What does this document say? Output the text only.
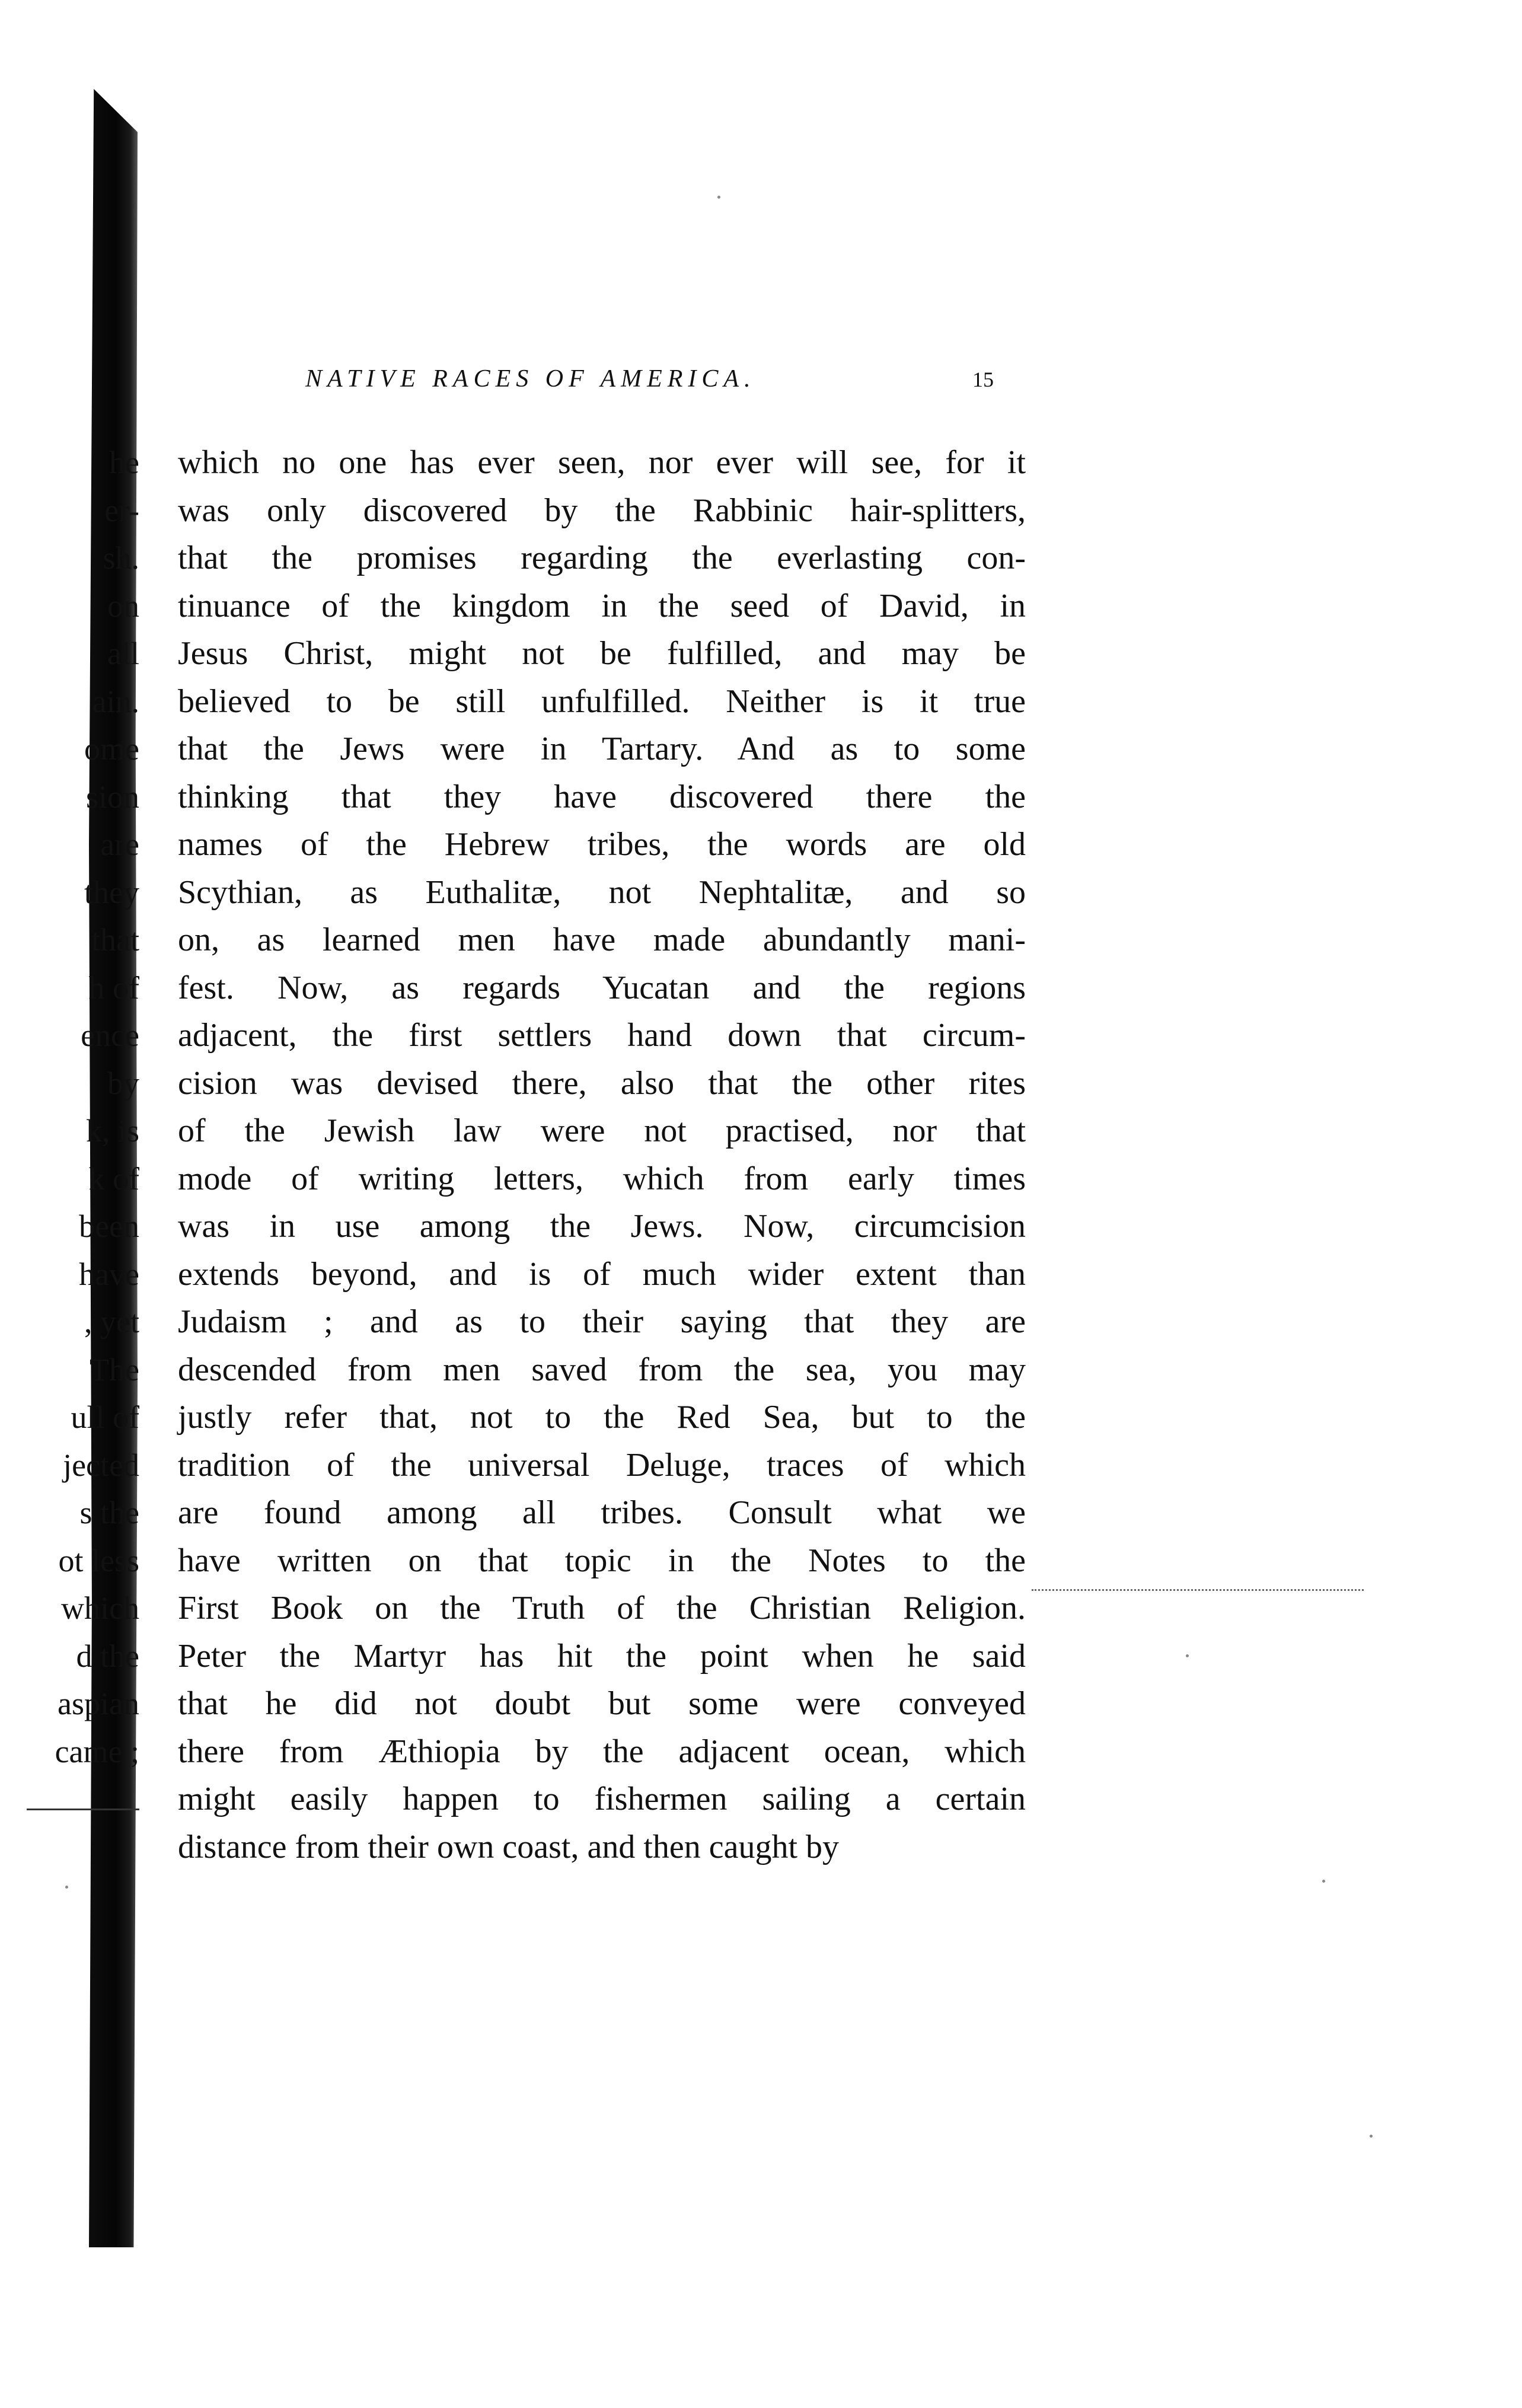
NATIVE RACES OF AMERICA.	15
he
er-
sh.
on
all
ain.
ome
sion
are
they
that
h of
ence
by
k, is
k of
been
have
, yet
The
ull of
jected
s the
ot less
which
d the
aspian
came ;
which no one has ever seen, nor ever will see, for it
was only discovered by the Rabbinic hair-splitters,
that the promises regarding the everlasting con-
tinuance of the kingdom in the seed of David, in
Jesus Christ, might not be fulfilled, and may be
believed to be still unfulfilled. Neither is it true
that the Jews were in Tartary. And as to some
thinking that they have discovered there the
names of the Hebrew tribes, the words are old
Scythian, as Euthalitæ, not Nephtalitæ, and so
on, as learned men have made abundantly mani-
fest. Now, as regards Yucatan and the regions
adjacent, the first settlers hand down that circum-
cision was devised there, also that the other rites
of the Jewish law were not practised, nor that
mode of writing letters, which from early times
was in use among the Jews. Now, circumcision
extends beyond, and is of much wider extent than
Judaism ; and as to their saying that they are
descended from men saved from the sea, you may
justly refer that, not to the Red Sea, but to the
tradition of the universal Deluge, traces of which
are found among all tribes. Consult what we
have written on that topic in the Notes to the
First Book on the Truth of the Christian Religion.
Peter the Martyr has hit the point when he said
that he did not doubt but some were conveyed
there from Æthiopia by the adjacent ocean, which
might easily happen to fishermen sailing a certain
distance from their own coast, and then caught by
